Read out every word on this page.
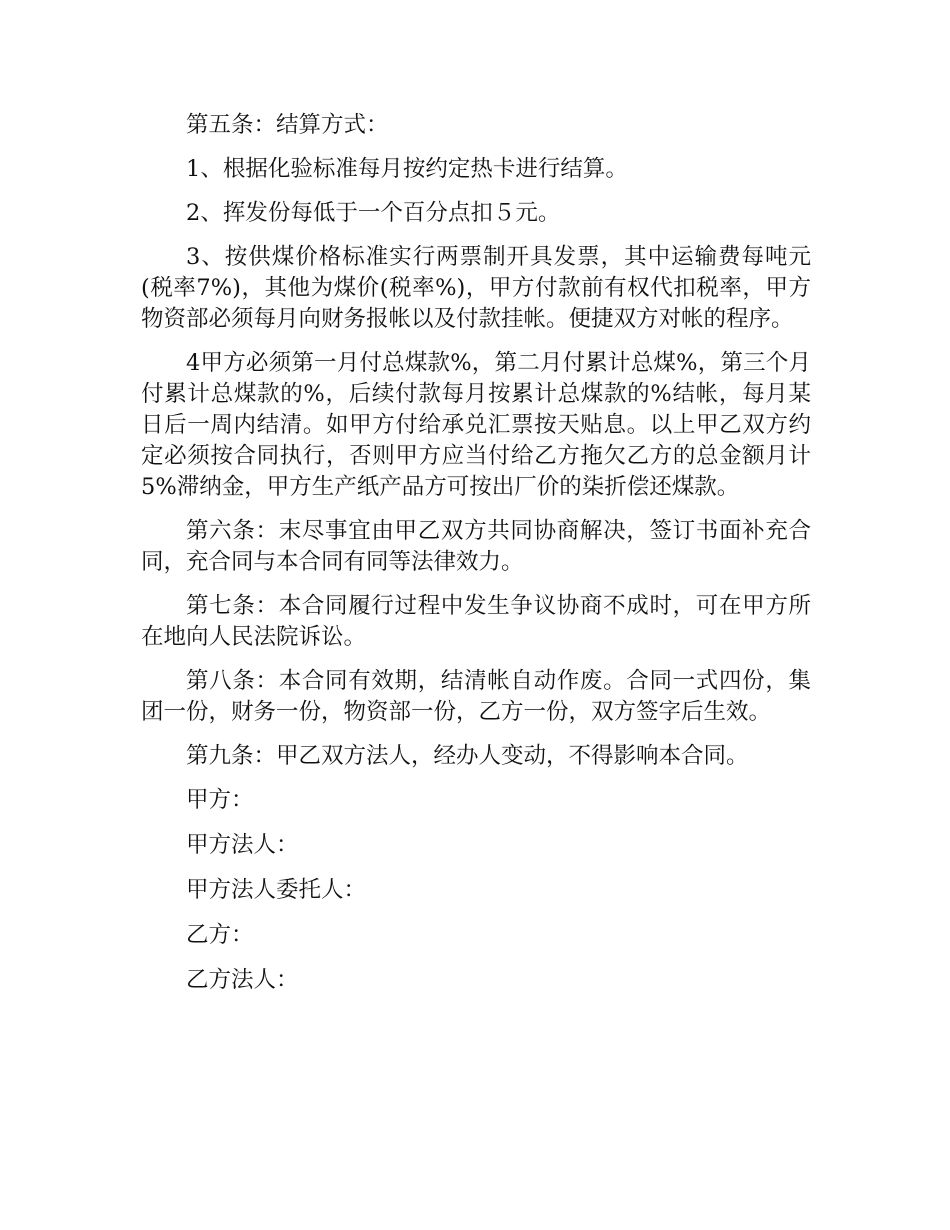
第五条：结算方式：

1、根据化验标准每月按约定热卡进行结算。

2、挥发份每低于一个百分点扣５元。

3、按供煤价格标准实行两票制开具发票，其中运输费每吨元(税率7%)，其他为煤价(税率%)，甲方付款前有权代扣税率，甲方物资部必须每月向财务报帐以及付款挂帐。便捷双方对帐的程序。

4甲方必须第一月付总煤款%，第二月付累计总煤%，第三个月付累计总煤款的%，后续付款每月按累计总煤款的%结帐，每月某日后一周内结清。如甲方付给承兑汇票按天贴息。以上甲乙双方约定必须按合同执行，否则甲方应当付给乙方拖欠乙方的总金额月计5%滞纳金，甲方生产纸产品方可按出厂价的柒折偿还煤款。

第六条：末尽事宜由甲乙双方共同协商解决，签订书面补充合同，充合同与本合同有同等法律效力。

第七条：本合同履行过程中发生争议协商不成时，可在甲方所在地向人民法院诉讼。

第八条：本合同有效期，结清帐自动作废。合同一式四份，集团一份，财务一份，物资部一份，乙方一份，双方签字后生效。

第九条：甲乙双方法人，经办人变动，不得影响本合同。

甲方：

甲方法人：

甲方法人委托人：

乙方：

乙方法人：
